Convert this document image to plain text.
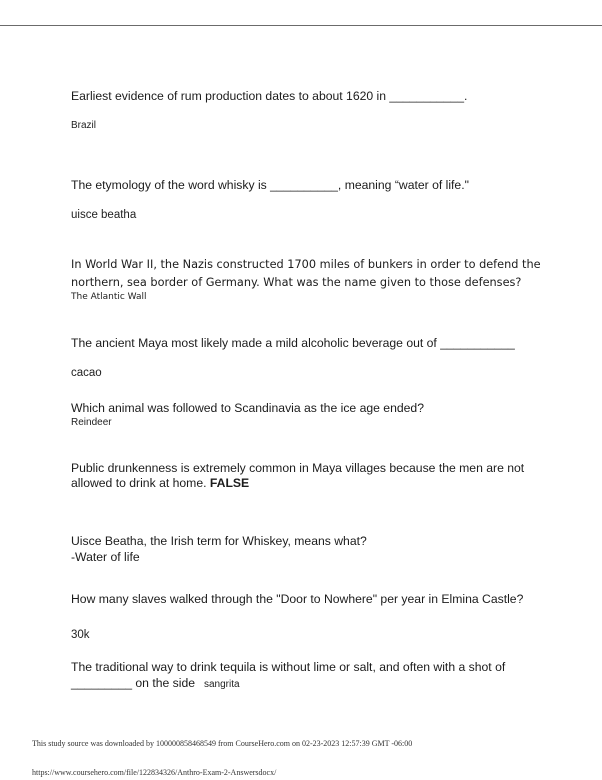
Earliest evidence of rum production dates to about 1620 in ___________.
Brazil
The etymology of the word whisky is __________, meaning “water of life."
uisce beatha
In World War II, the Nazis constructed 1700 miles of bunkers in order to defend the
northern, sea border of Germany. What was the name given to those defenses?
The Atlantic Wall
The ancient Maya most likely made a mild alcoholic beverage out of ___________
cacao
Which animal was followed to Scandinavia as the ice age ended?
Reindeer
Public drunkenness is extremely common in Maya villages because the men are not
allowed to drink at home. FALSE
Uisce Beatha, the Irish term for Whiskey, means what?
-Water of life
How many slaves walked through the "Door to Nowhere" per year in Elmina Castle?
30k
The traditional way to drink tequila is without lime or salt, and often with a shot of
_________ on the side sangrita
This study source was downloaded by 100000858468549 from CourseHero.com on 02-23-2023 12:57:39 GMT -06:00
https://www.coursehero.com/file/122834326/Anthro-Exam-2-Answersdocx/
